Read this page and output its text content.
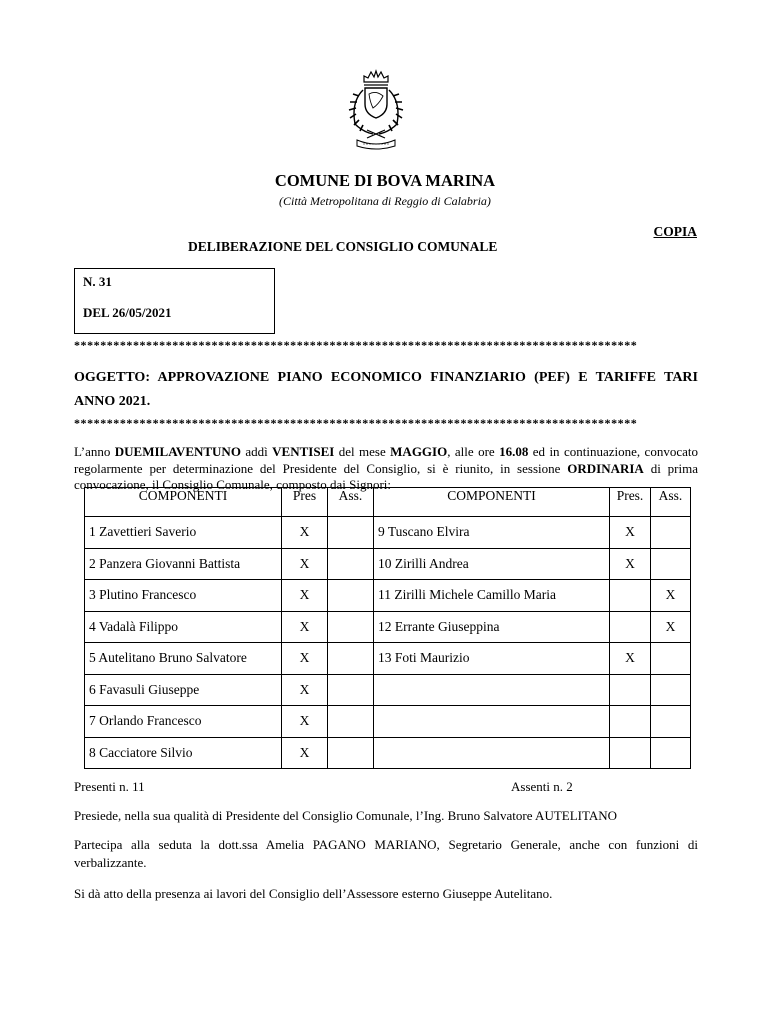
COMUNE DI BOVA MARINA
(Città Metropolitana di Reggio di Calabria)
COPIA
DELIBERAZIONE DEL CONSIGLIO COMUNALE
N. 31
DEL 26/05/2021
**************************************************************************************
OGGETTO: APPROVAZIONE PIANO ECONOMICO FINANZIARIO (PEF) E TARIFFE TARI ANNO 2021.
**************************************************************************************
L’anno DUEMILAVENTUNO addì VENTISEI del mese MAGGIO, alle ore 16.08 ed in continuazione, convocato regolarmente per determinazione del Presidente del Consiglio, si è riunito, in sessione ORDINARIA di prima convocazione, il Consiglio Comunale, composto dai Signori:
COMPONENTI	Pres	Ass.	COMPONENTI	Pres.	Ass.
1 Zavettieri Saverio	X		9 Tuscano Elvira	X	
2 Panzera Giovanni Battista	X		10 Zirilli Andrea	X	
3 Plutino Francesco	X		11 Zirilli Michele Camillo Maria		X
4 Vadalà Filippo	X		12 Errante Giuseppina		X
5 Autelitano Bruno Salvatore	X		13 Foti Maurizio	X	
6 Favasuli Giuseppe	X				
7 Orlando Francesco	X				
8 Cacciatore Silvio	X				
Presenti n. 11	Assenti n. 2
Presiede, nella sua qualità di Presidente del Consiglio Comunale, l’Ing. Bruno Salvatore AUTELITANO
Partecipa alla seduta la dott.ssa Amelia PAGANO MARIANO, Segretario Generale, anche con funzioni di verbalizzante.
Si dà atto della presenza ai lavori del Consiglio dell’Assessore esterno Giuseppe Autelitano.
